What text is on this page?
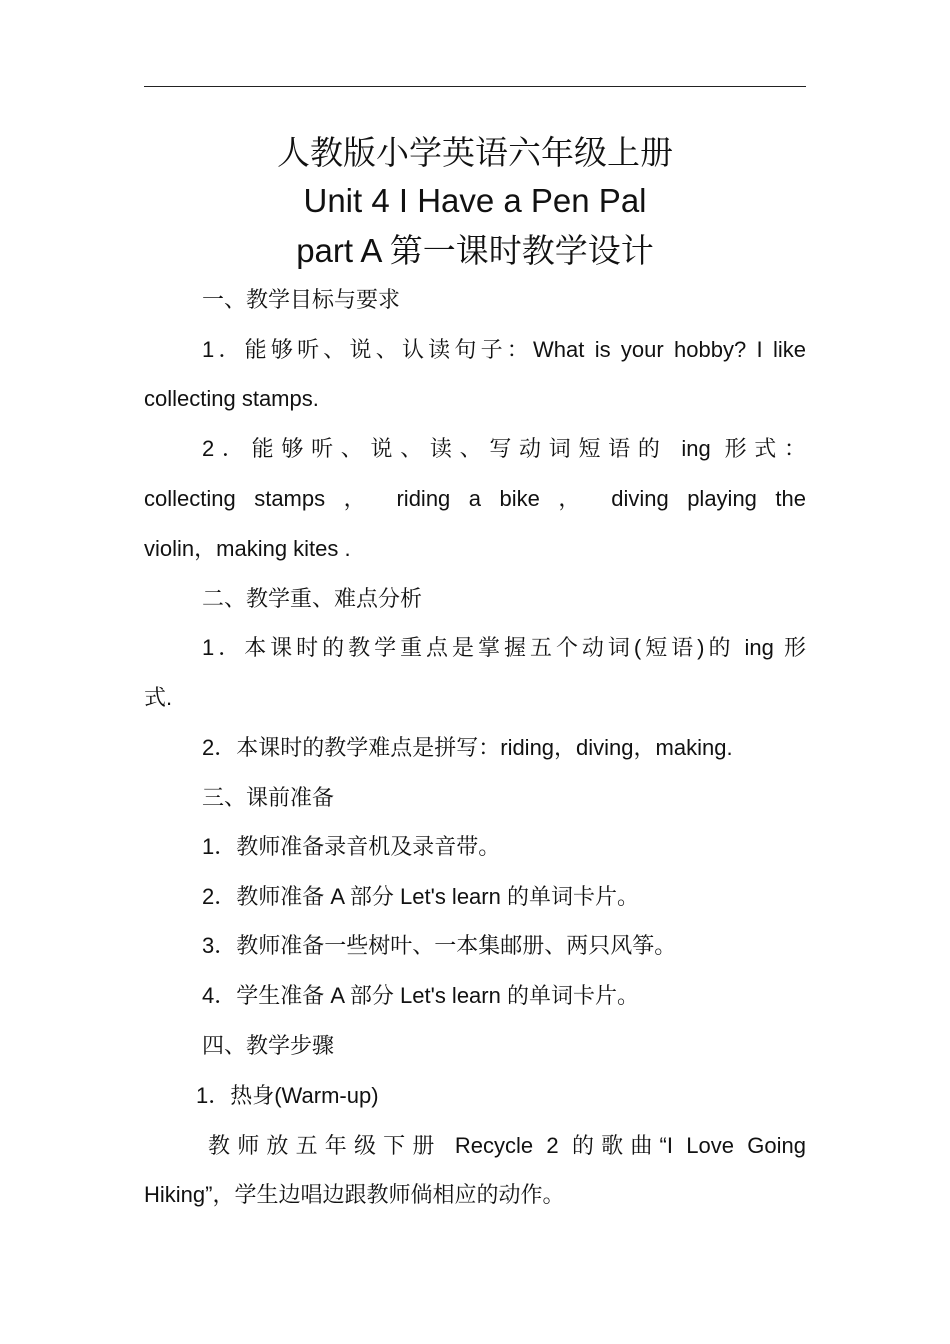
人教版小学英语六年级上册
Unit 4 I Have a Pen Pal
part A 第一课时教学设计
一、教学目标与要求
1．能够听、说、认读句子：What is your hobby? I like
collecting stamps.
2．能够听、说、读、写动词短语的 ing 形式：
collecting stamps ， riding a bike ， diving playing the
violin，making kites .
二、教学重、难点分析
1．本课时的教学重点是掌握五个动词(短语)的 ing 形
式.
2．本课时的教学难点是拼写：riding，diving，making.
三、课前准备
1．教师准备录音机及录音带。
2．教师准备 A 部分 Let's learn 的单词卡片。
3．教师准备一些树叶、一本集邮册、两只风筝。
4．学生准备 A 部分 Let's learn 的单词卡片。
四、教学步骤
1．热身(Warm-up)
教师放五年级下册 Recycle 2 的歌曲“I Love Going
Hiking”，学生边唱边跟教师倘相应的动作。
